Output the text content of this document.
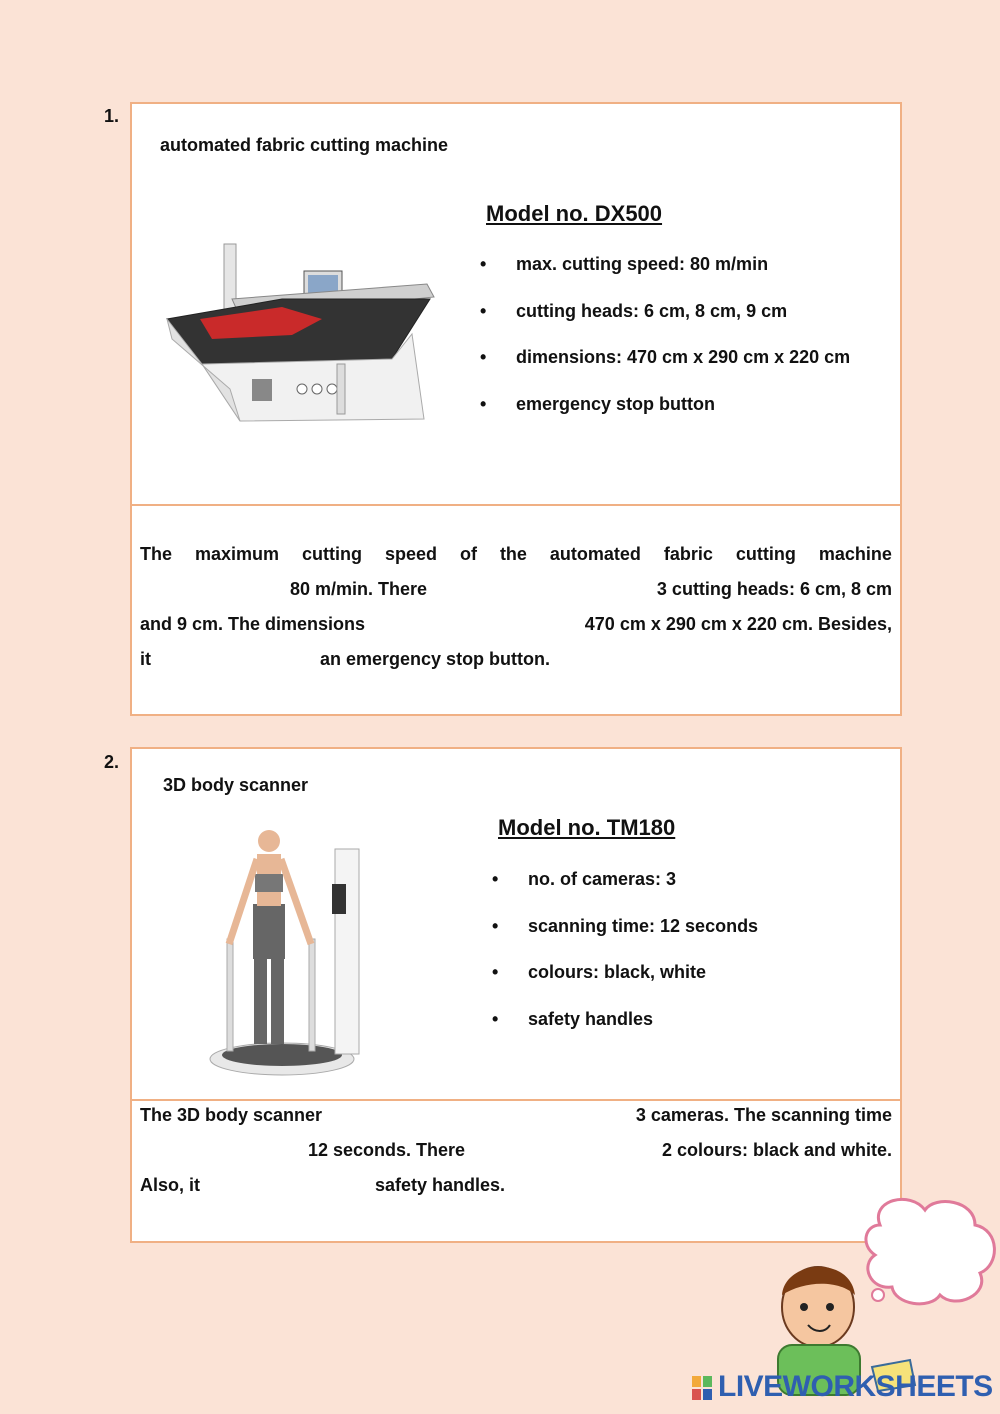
1.
automated fabric cutting machine
Model no. DX500
• max. cutting speed: 80 m/min
• cutting heads: 6 cm, 8 cm, 9 cm
• dimensions: 470 cm x 290 cm x 220 cm
• emergency stop button
The maximum cutting speed of the automated fabric cutting machine
80 m/min. There	3 cutting heads: 6 cm, 8 cm
and 9 cm. The dimensions	470 cm x 290 cm x 220 cm. Besides,
it	an emergency stop button.
2.
3D body scanner
Model no. TM180
• no. of cameras: 3
• scanning time: 12 seconds
• colours: black, white
• safety handles
The 3D body scanner	3 cameras. The scanning time
12 seconds. There	2 colours: black and white.
Also, it	safety handles.
LIVEWORKSHEETS
